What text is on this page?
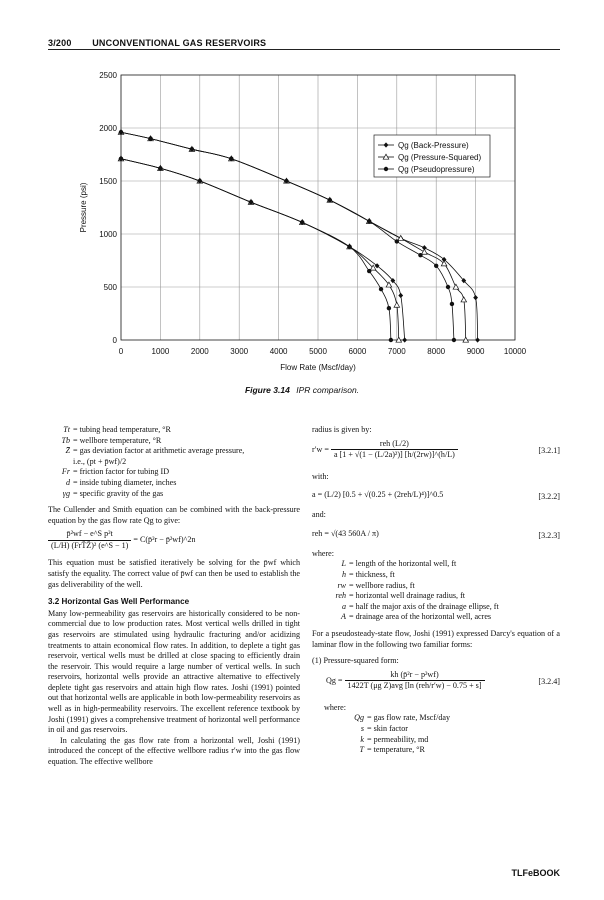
3/200 UNCONVENTIONAL GAS RESERVOIRS
0	1000	2000	3000	4000	5000	6000	7000	8000	9000 10000
0
500
1000
1500
2000
2500
Flow Rate (Mscf/day)
Pressure (psi)
Qg (Back-Pressure)
Qg (Pressure-Squared)
Qg (Pseudopressure)
Figure 3.14 IPR comparison.
Tt = tubing head temperature, °R
Tb = wellbore temperature, °R
Z̄ = gas deviation factor at arithmetic average pressure,
i.e., (pt + p̄wf)/2
Fr = friction factor for tubing ID
d = inside tubing diameter, inches
γg = specific gravity of the gas

The Cullender and Smith equation can be combined with the back-pressure equation by the gas flow rate Qg to give:

$\frac{\text{p̄²wf − e\textasciicircum{}S p²t}}{\text{(L/H) (FrT̄Z̄)² (e\textasciicircum{}S − 1)}}$ = C(p̄²r − p̄²wf)^2n

This equation must be satisfied iteratively be solving for the p̄wf which satisfy the equality. The correct value of p̄wf can then be used to establish the gas deliverability of the well.

3.2 Horizontal Gas Well Performance

Many low-permeability gas reservoirs are historically considered to be non-commercial due to low production rates. Most vertical wells drilled in tight gas reservoirs are stimulated using hydraulic fracturing and/or acidizing treatments to attain economical flow rates. In addition, to deplete a tight gas reservoir, vertical wells must be drilled at close spacing to efficiently drain the reservoir. This would require a large number of vertical wells. In such reservoirs, horizontal wells provide an attractive alternative to effectively deplete tight gas reservoirs and attain high flow rates. Joshi (1991) pointed out that horizontal wells are applicable in both low-permeability reservoirs as well as in high-permeability reservoirs. The excellent reference textbook by Joshi (1991) gives a comprehensive treatment of horizontal well performance in oil and gas reservoirs.

In calculating the gas flow rate from a horizontal well, Joshi (1991) introduced the concept of the effective wellbore radius r′w into the gas flow equation. The effective wellbore

radius is given by:

$r'w = \frac{\text{reh (L/2)}}{\text{a [1 + √(1 − (L/2a)²)] [h/(2rw)]\textasciicircum{}(h/L)}}$	[3.2.1]

with:

a = (L/2) [0.5 + √(0.25 + (2reh/L)⁴)]^0.5	[3.2.2]

and:

reh = √(43 560A / π)	[3.2.3]

where:

L = length of the horizontal well, ft
h = thickness, ft
rw = wellbore radius, ft
reh = horizontal well drainage radius, ft
a = half the major axis of the drainage ellipse, ft
A = drainage area of the horizontal well, acres

For a pseudosteady-state flow, Joshi (1991) expressed Darcy's equation of a laminar flow in the following two familiar forms:

(1) Pressure-squared form:

$Qg = \frac{\text{kh (p̄²r − p²wf)}}{\text{1422T (μg Z)avg [ln (reh/r′w) − 0.75 + s]}}$	[3.2.4]

where:

Qg = gas flow rate, Mscf/day
s = skin factor
k = permeability, md
T = temperature, °R
TLFeBOOK
